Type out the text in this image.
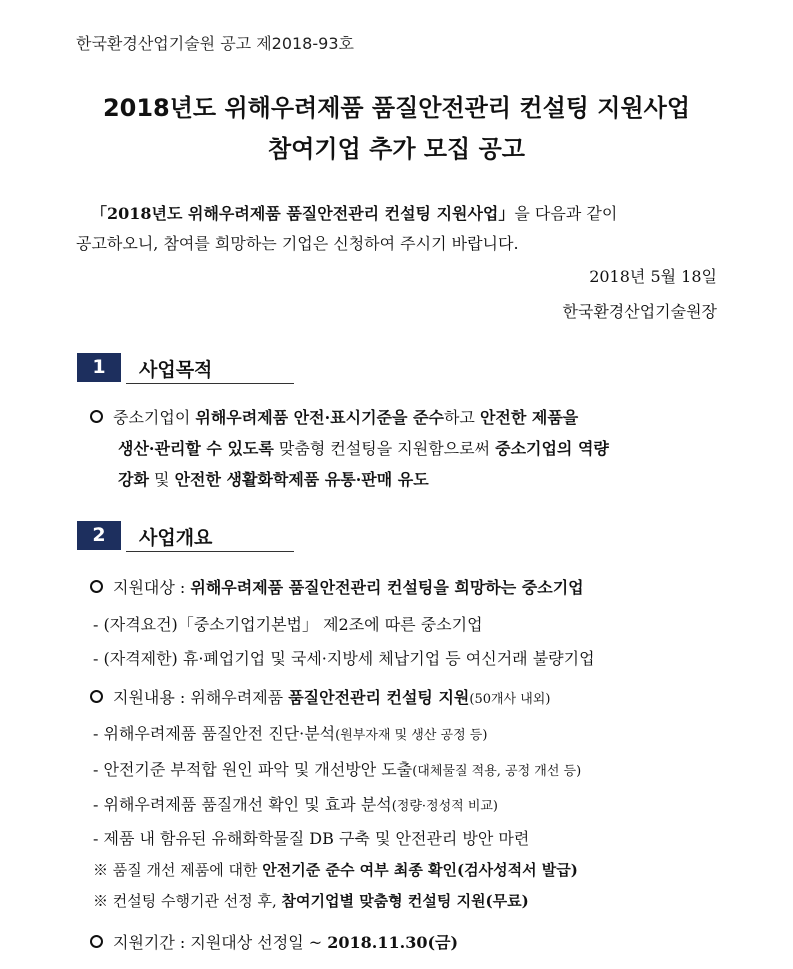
한국환경산업기술원 공고 제2018-93호
2018년도 위해우려제품 품질안전관리 컨설팅 지원사업
참여기업 추가 모집 공고
「2018년도 위해우려제품 품질안전관리 컨설팅 지원사업」을 다음과 같이
공고하오니, 참여를 희망하는 기업은 신청하여 주시기 바랍니다.
2018년 5월 18일
한국환경산업기술원장
1	사업목적
중소기업이 위해우려제품 안전·표시기준을 준수하고 안전한 제품을
생산·관리할 수 있도록 맞춤형 컨설팅을 지원함으로써 중소기업의 역량
강화 및 안전한 생활화학제품 유통·판매 유도
2	사업개요
지원대상 : 위해우려제품 품질안전관리 컨설팅을 희망하는 중소기업
- (자격요건)「중소기업기본법」 제2조에 따른 중소기업
- (자격제한) 휴·폐업기업 및 국세·지방세 체납기업 등 여신거래 불량기업
지원내용 : 위해우려제품 품질안전관리 컨설팅 지원(50개사 내외)
- 위해우려제품 품질안전 진단·분석(원부자재 및 생산 공정 등)
- 안전기준 부적합 원인 파악 및 개선방안 도출(대체물질 적용, 공정 개선 등)
- 위해우려제품 품질개선 확인 및 효과 분석(정량·정성적 비교)
- 제품 내 함유된 유해화학물질 DB 구축 및 안전관리 방안 마련
※ 품질 개선 제품에 대한 안전기준 준수 여부 최종 확인(검사성적서 발급)
※ 컨설팅 수행기관 선정 후, 참여기업별 맞춤형 컨설팅 지원(무료)
지원기간 : 지원대상 선정일 ~ 2018.11.30(금)
